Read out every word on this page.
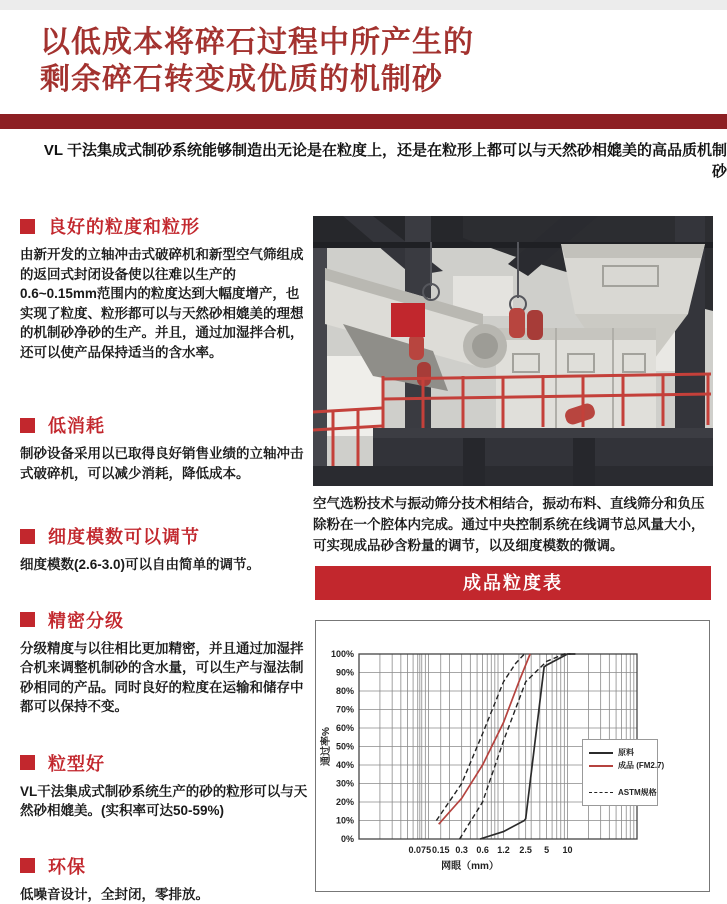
以低成本将碎石过程中所产生的
剩余碎石转变成优质的机制砂
VL 干法集成式制砂系统能够制造出无论是在粒度上，还是在粒形上都可以与天然砂相媲美的高品质机制砂
良好的粒度和粒形
由新开发的立轴冲击式破碎机和新型空气筛组成的返回式封闭设备使以往难以生产的0.6~0.15mm范围内的粒度达到大幅度增产，也实现了粒度、粒形都可以与天然砂相媲美的理想的机制砂净砂的生产。并且，通过加湿拌合机，还可以使产品保持适当的含水率。
低消耗
制砂设备采用以已取得良好销售业绩的立轴冲击式破碎机，可以减少消耗，降低成本。
细度模数可以调节
细度模数(2.6-3.0)可以自由简单的调节。
精密分级
分级精度与以往相比更加精密，并且通过加湿拌合机来调整机制砂的含水量，可以生产与湿法制砂相同的产品。同时良好的粒度在运输和储存中都可以保持不变。
粒型好
VL干法集成式制砂系统生产的砂的粒形可以与天然砂相媲美。(实积率可达50-59%)
环保
低噪音设计，全封闭，零排放。
空气选粉技术与振动筛分技术相结合，振动布料、直线筛分和负压除粉在一个腔体内完成。通过中央控制系统在线调节总风量大小，可实现成品砂含粉量的调节，以及细度模数的微调。
成品粒度表
0%
10%
20%
30%
40%
50%
60%
70%
80%
90%
100%
0.075 0.15 0.3 0.6 1.2 2.5 5 10
网眼（mm）
通过率%	原料
成品 (FM2.7)
ASTM规格
